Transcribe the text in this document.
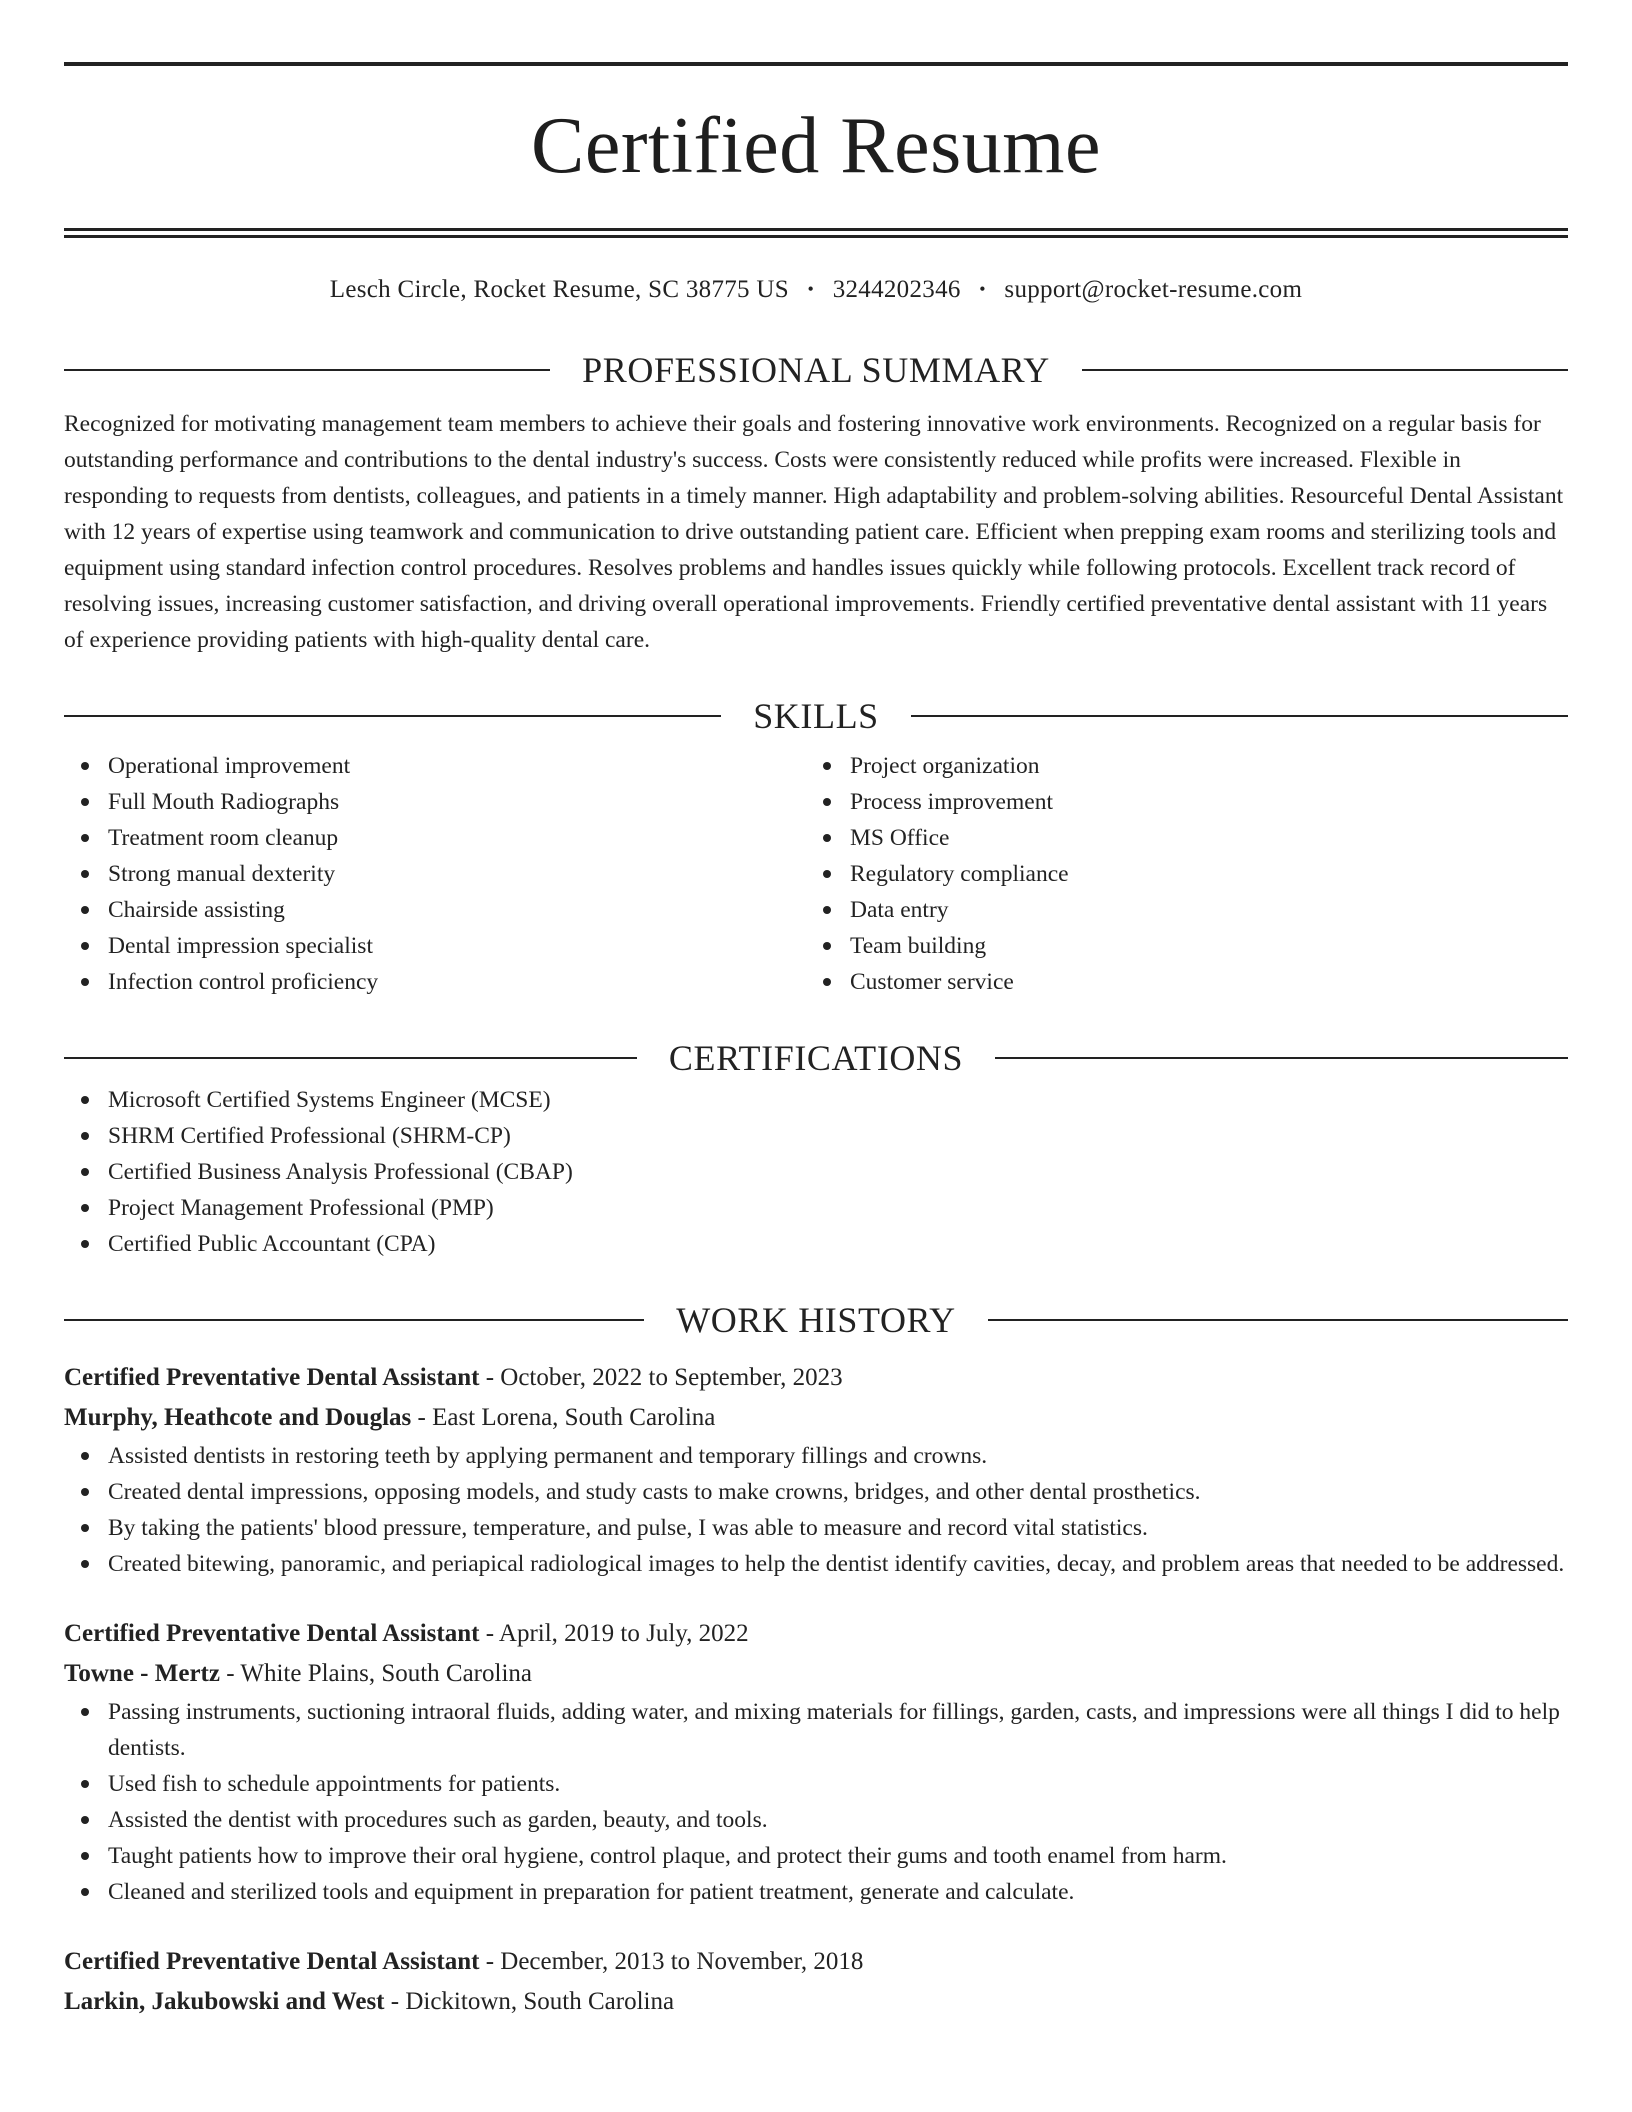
Certified Resume
Lesch Circle, Rocket Resume, SC 38775 US • 3244202346 • support@rocket-resume.com
PROFESSIONAL SUMMARY
Recognized for motivating management team members to achieve their goals and fostering innovative work environments. Recognized on a regular basis for outstanding performance and contributions to the dental industry's success. Costs were consistently reduced while profits were increased. Flexible in responding to requests from dentists, colleagues, and patients in a timely manner. High adaptability and problem-solving abilities. Resourceful Dental Assistant with 12 years of expertise using teamwork and communication to drive outstanding patient care. Efficient when prepping exam rooms and sterilizing tools and equipment using standard infection control procedures. Resolves problems and handles issues quickly while following protocols. Excellent track record of resolving issues, increasing customer satisfaction, and driving overall operational improvements. Friendly certified preventative dental assistant with 11 years of experience providing patients with high-quality dental care.
SKILLS
Operational improvement
Full Mouth Radiographs
Treatment room cleanup
Strong manual dexterity
Chairside assisting
Dental impression specialist
Infection control proficiency
Project organization
Process improvement
MS Office
Regulatory compliance
Data entry
Team building
Customer service
CERTIFICATIONS
Microsoft Certified Systems Engineer (MCSE)
SHRM Certified Professional (SHRM-CP)
Certified Business Analysis Professional (CBAP)
Project Management Professional (PMP)
Certified Public Accountant (CPA)
WORK HISTORY
Certified Preventative Dental Assistant - October, 2022 to September, 2023
Murphy, Heathcote and Douglas - East Lorena, South Carolina
Assisted dentists in restoring teeth by applying permanent and temporary fillings and crowns.
Created dental impressions, opposing models, and study casts to make crowns, bridges, and other dental prosthetics.
By taking the patients' blood pressure, temperature, and pulse, I was able to measure and record vital statistics.
Created bitewing, panoramic, and periapical radiological images to help the dentist identify cavities, decay, and problem areas that needed to be addressed.
Certified Preventative Dental Assistant - April, 2019 to July, 2022
Towne - Mertz - White Plains, South Carolina
Passing instruments, suctioning intraoral fluids, adding water, and mixing materials for fillings, garden, casts, and impressions were all things I did to help dentists.
Used fish to schedule appointments for patients.
Assisted the dentist with procedures such as garden, beauty, and tools.
Taught patients how to improve their oral hygiene, control plaque, and protect their gums and tooth enamel from harm.
Cleaned and sterilized tools and equipment in preparation for patient treatment, generate and calculate.
Certified Preventative Dental Assistant - December, 2013 to November, 2018
Larkin, Jakubowski and West - Dickitown, South Carolina
